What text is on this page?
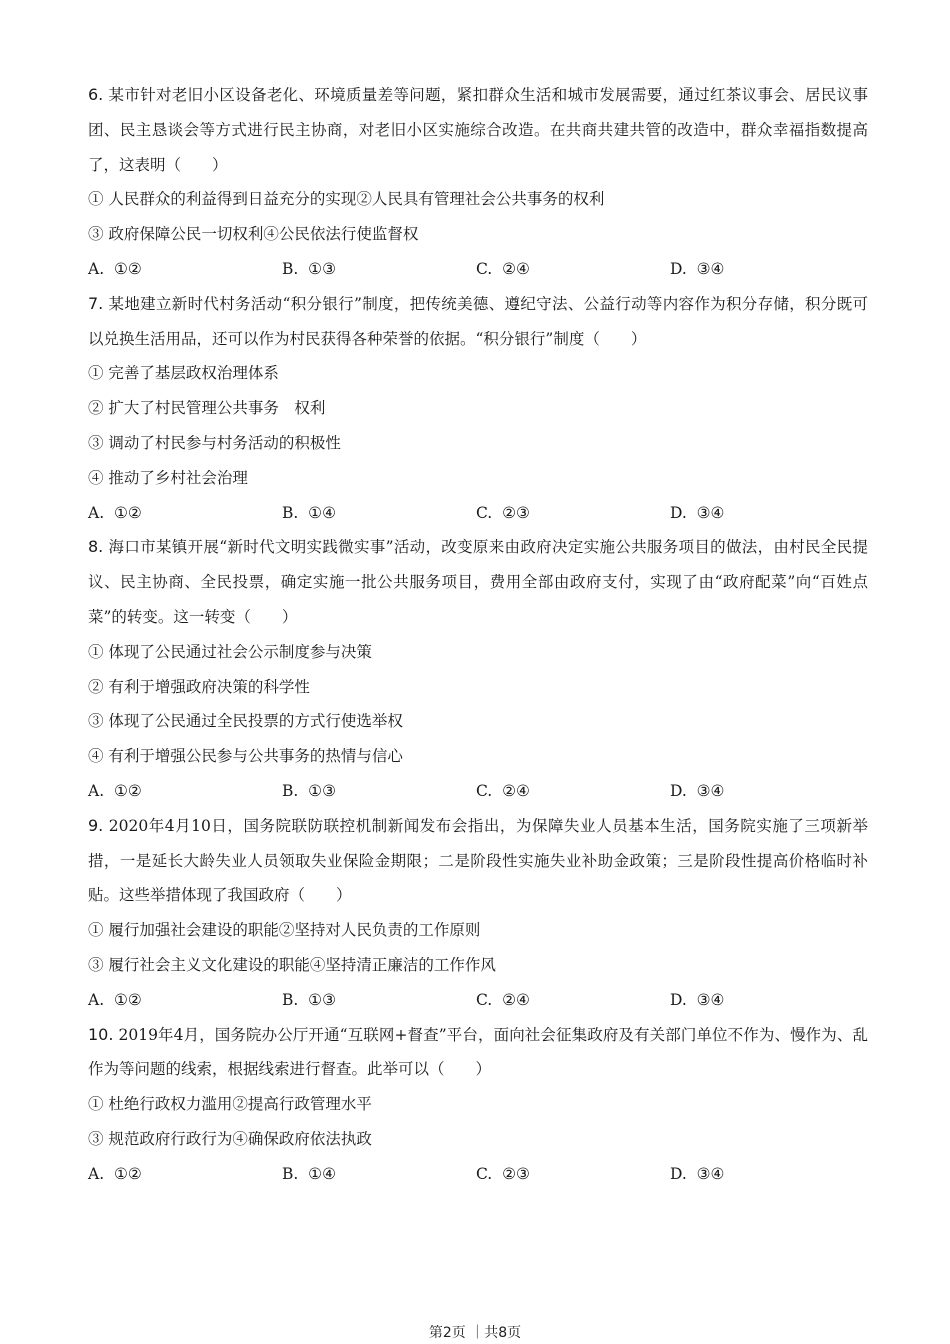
6. 某市针对老旧小区设备老化、环境质量差等问题，紧扣群众生活和城市发展需要，通过红茶议事会、居民议事团、民主恳谈会等方式进行民主协商，对老旧小区实施综合改造。在共商共建共管的改造中，群众幸福指数提高了，这表明（　　）

① 人民群众的利益得到日益充分的实现②人民具有管理社会公共事务的权利

③ 政府保障公民一切权利④公民依法行使监督权

A.  ①②	B.  ①③	C.  ②④	D.  ③④

7. 某地建立新时代村务活动“积分银行”制度，把传统美德、遵纪守法、公益行动等内容作为积分存储，积分既可以兑换生活用品，还可以作为村民获得各种荣誉的依据。“积分银行”制度（　　）

① 完善了基层政权治理体系

② 扩大了村民管理公共事务　权利

③ 调动了村民参与村务活动的积极性

④ 推动了乡村社会治理

A.  ①②	B.  ①④	C.  ②③	D.  ③④

8. 海口市某镇开展“新时代文明实践微实事”活动，改变原来由政府决定实施公共服务项目的做法，由村民全民提议、民主协商、全民投票，确定实施一批公共服务项目，费用全部由政府支付，实现了由“政府配菜”向“百姓点菜”的转变。这一转变（　　）

① 体现了公民通过社会公示制度参与决策

② 有利于增强政府决策的科学性

③ 体现了公民通过全民投票的方式行使选举权

④ 有利于增强公民参与公共事务的热情与信心

A.  ①②	B.  ①③	C.  ②④	D.  ③④

9. 2020年4月10日，国务院联防联控机制新闻发布会指出，为保障失业人员基本生活，国务院实施了三项新举措，一是延长大龄失业人员领取失业保险金期限；二是阶段性实施失业补助金政策；三是阶段性提高价格临时补贴。这些举措体现了我国政府（　　）

① 履行加强社会建设的职能②坚持对人民负责的工作原则

③ 履行社会主义文化建设的职能④坚持清正廉洁的工作作风

A.  ①②	B.  ①③	C.  ②④	D.  ③④

10. 2019年4月，国务院办公厅开通“互联网+督查”平台，面向社会征集政府及有关部门单位不作为、慢作为、乱作为等问题的线索，根据线索进行督查。此举可以（　　）

① 杜绝行政权力滥用②提高行政管理水平

③ 规范政府行政行为④确保政府依法执政

A.  ①②	B.  ①④	C.  ②③	D.  ③④
第2页 ｜共8页
